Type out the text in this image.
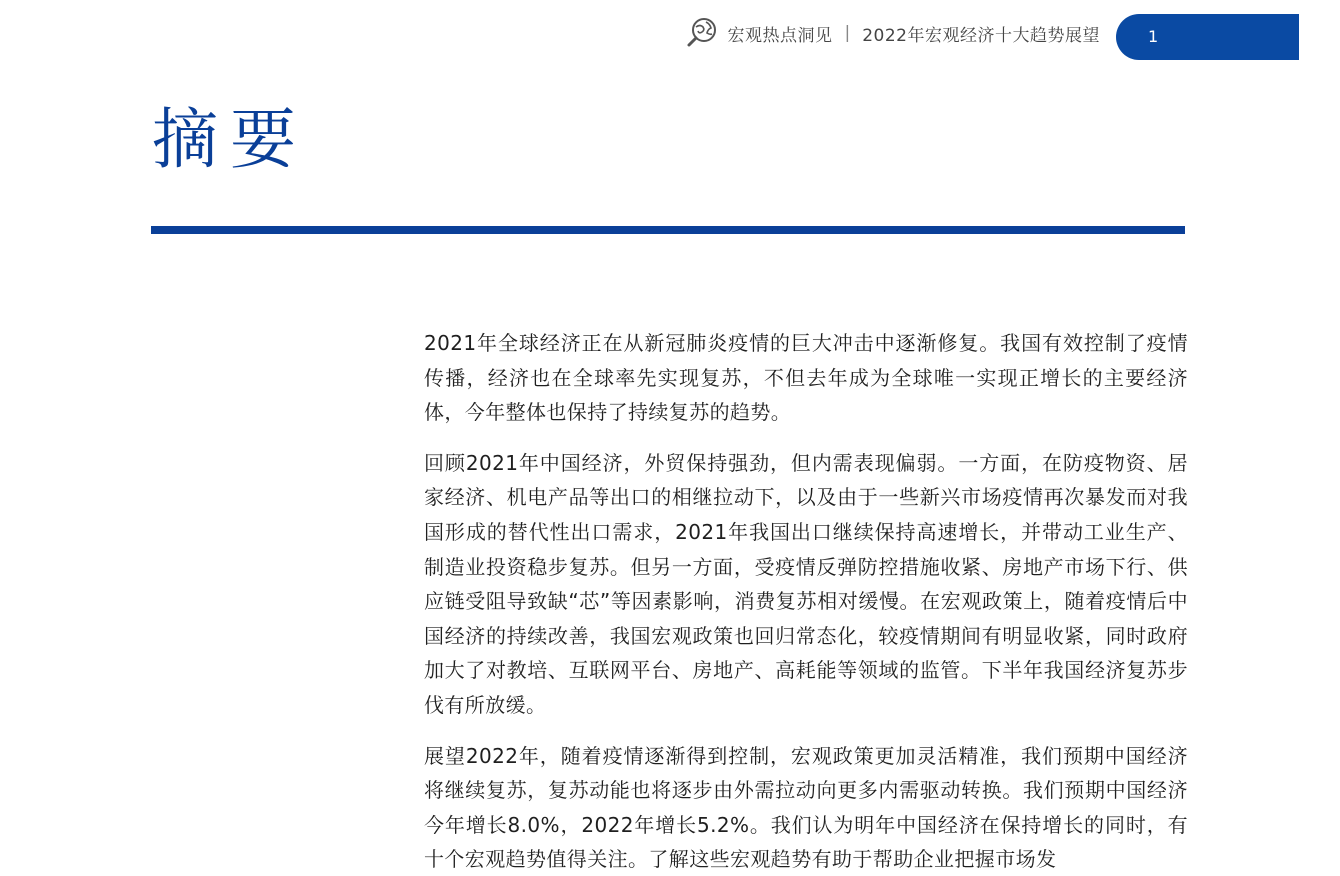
宏观热点洞见 | 2022年宏观经济十大趋势展望	1
摘要

2021年全球经济正在从新冠肺炎疫情的巨大冲击中逐渐修复。我国有效控制了疫情传播，经济也在全球率先实现复苏，不但去年成为全球唯一实现正增长的主要经济体，今年整体也保持了持续复苏的趋势。

回顾2021年中国经济，外贸保持强劲，但内需表现偏弱。一方面，在防疫物资、居家经济、机电产品等出口的相继拉动下，以及由于一些新兴市场疫情再次暴发而对我国形成的替代性出口需求，2021年我国出口继续保持高速增长，并带动工业生产、制造业投资稳步复苏。但另一方面，受疫情反弹防控措施收紧、房地产市场下行、供应链受阻导致缺“芯”等因素影响，消费复苏相对缓慢。在宏观政策上，随着疫情后中国经济的持续改善，我国宏观政策也回归常态化，较疫情期间有明显收紧，同时政府加大了对教培、互联网平台、房地产、高耗能等领域的监管。下半年我国经济复苏步伐有所放缓。

展望2022年，随着疫情逐渐得到控制，宏观政策更加灵活精准，我们预期中国经济将继续复苏，复苏动能也将逐步由外需拉动向更多内需驱动转换。我们预期中国经济今年增长8.0%，2022年增长5.2%。我们认为明年中国经济在保持增长的同时，有十个宏观趋势值得关注。了解这些宏观趋势有助于帮助企业把握市场发
